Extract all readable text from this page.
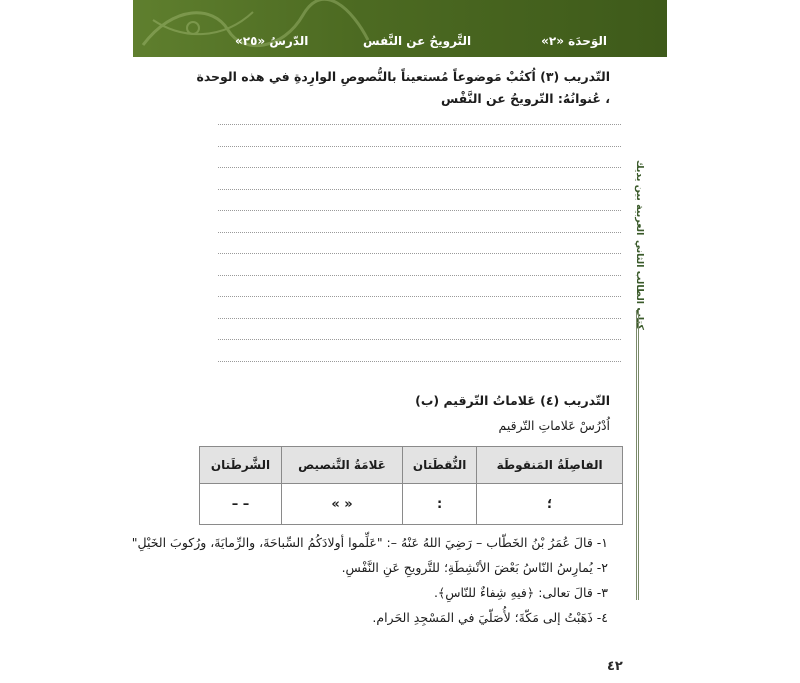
الوَحدَة «٢»
التَّرويحُ عن النَّفس
الدّرسُ «٢٥»
التّدريب (٣) اُكتُبْ مَوضوعاً مُستعيناً بالنُّصوصِ الوارِدةِ في هذه الوحدة ، عُنوانُهُ: التّرويحُ عن النَّفْس
العربية بين يديك
كتاب الطالب الثاني
التّدريب (٤) عَلاماتُ التّرقيم (ب)
اُدْرُسْ عَلاماتِ التّرقيم
الفاصِلَةُ المَنقوطَة	النُّقطَتان	عَلامَةُ التَّنصيص	الشَّرطَتان
؛	:	« »	– –
١- قالَ عُمَرُ بْنُ الخَطّاب – رَضِيَ اللهُ عَنْهُ –: "عَلِّموا أولادَكُمُ السِّباحَةَ، والرِّمايَةَ، ورُكوبَ الخَيْلِ"
٢- يُمارِسُ النّاسُ بَعْضَ الأنْشِطَةِ؛ للتَّرويحِ عَنِ النَّفْسِ.
٣- قالَ تعالى: ﴿فيهِ شِفاءٌ للنّاسِ﴾.
٤- ذَهَبْتُ إلى مَكّةَ؛ لأُصَلّيَ في المَسْجِدِ الحَرام.
٤٢
